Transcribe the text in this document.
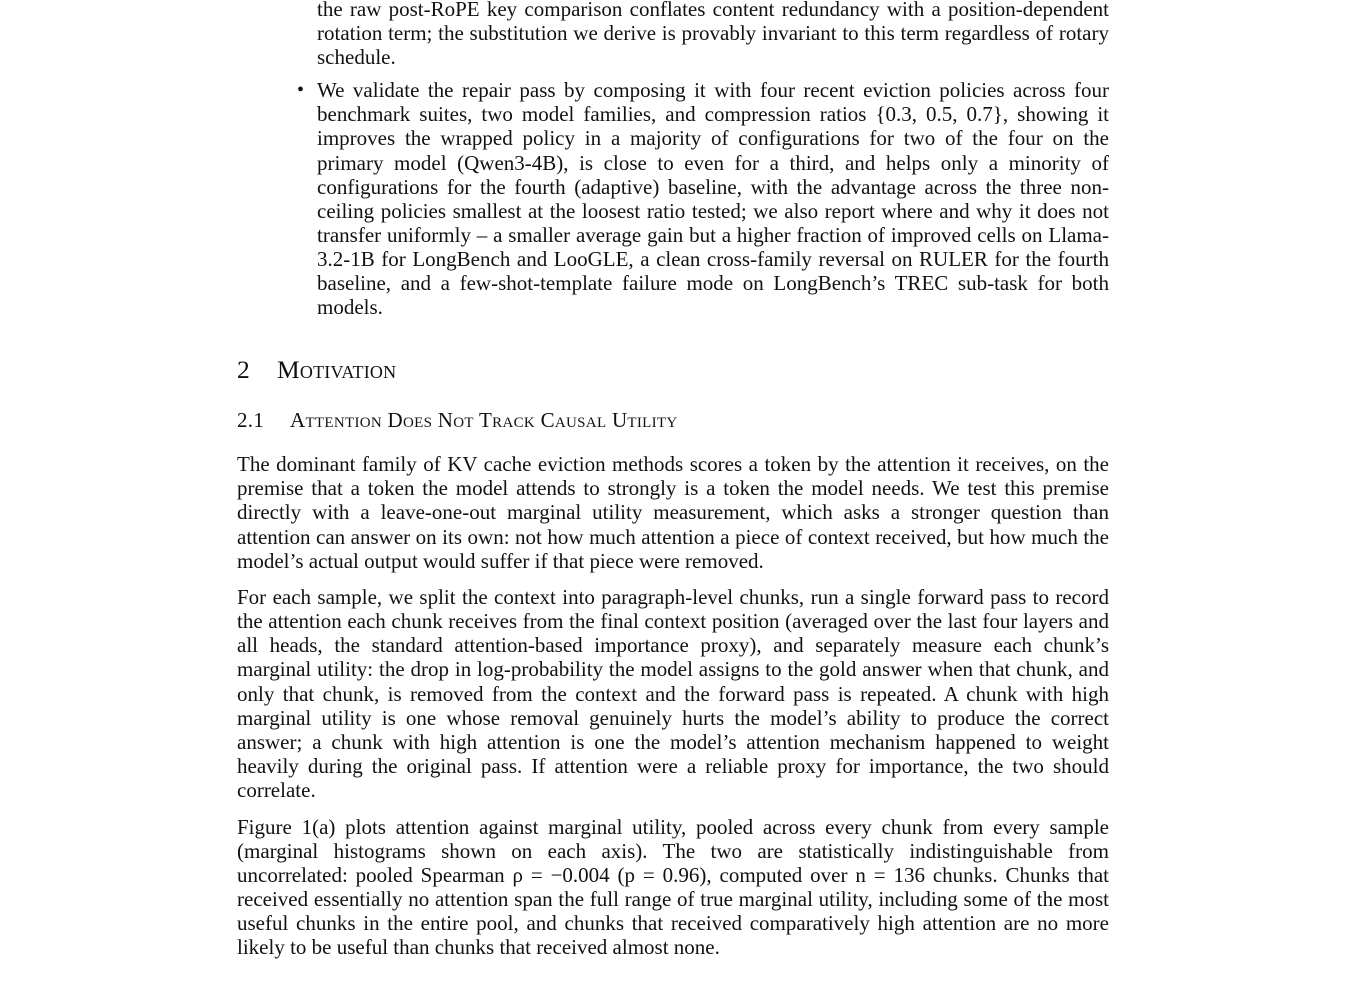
the raw post-RoPE key comparison conflates content redundancy with a position-dependent rotation term; the substitution we derive is provably invariant to this term regardless of rotary schedule.
• We validate the repair pass by composing it with four recent eviction policies across four benchmark suites, two model families, and compression ratios {0.3, 0.5, 0.7}, showing it improves the wrapped policy in a majority of configurations for two of the four on the primary model (Qwen3-4B), is close to even for a third, and helps only a minority of configurations for the fourth (adaptive) baseline, with the advantage across the three non-ceiling policies smallest at the loosest ratio tested; we also report where and why it does not transfer uniformly – a smaller average gain but a higher fraction of improved cells on Llama-3.2-1B for LongBench and LooGLE, a clean cross-family reversal on RULER for the fourth baseline, and a few-shot-template failure mode on LongBench’s TREC sub-task for both models.
2 Motivation
2.1 Attention Does Not Track Causal Utility

The dominant family of KV cache eviction methods scores a token by the attention it receives, on the premise that a token the model attends to strongly is a token the model needs. We test this premise directly with a leave-one-out marginal utility measurement, which asks a stronger question than attention can answer on its own: not how much attention a piece of context received, but how much the model’s actual output would suffer if that piece were removed.

For each sample, we split the context into paragraph-level chunks, run a single forward pass to record the attention each chunk receives from the final context position (averaged over the last four layers and all heads, the standard attention-based importance proxy), and separately measure each chunk’s marginal utility: the drop in log-probability the model assigns to the gold answer when that chunk, and only that chunk, is removed from the context and the forward pass is repeated. A chunk with high marginal utility is one whose removal genuinely hurts the model’s ability to produce the correct answer; a chunk with high attention is one the model’s attention mechanism happened to weight heavily during the original pass. If attention were a reliable proxy for importance, the two should correlate.

Figure 1(a) plots attention against marginal utility, pooled across every chunk from every sample (marginal histograms shown on each axis). The two are statistically indistinguishable from uncorrelated: pooled Spearman ρ = −0.004 (p = 0.96), computed over n = 136 chunks. Chunks that received essentially no attention span the full range of true marginal utility, including some of the most useful chunks in the entire pool, and chunks that received comparatively high attention are no more likely to be useful than chunks that received almost none.
